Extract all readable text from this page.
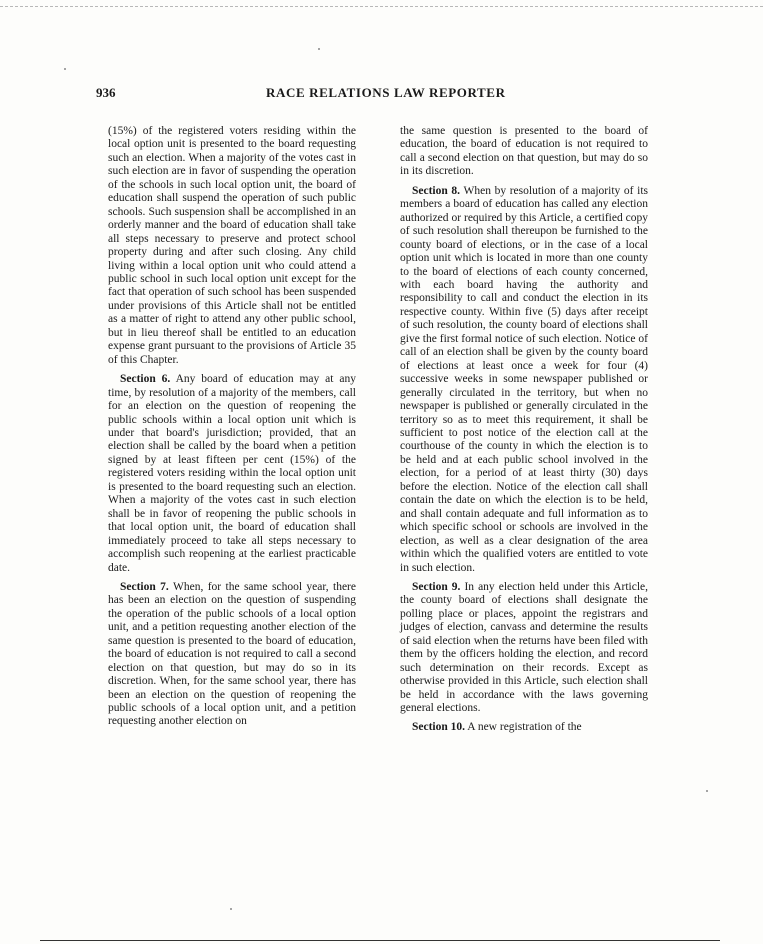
936	RACE RELATIONS LAW REPORTER

(15%) of the registered voters residing within the local option unit is presented to the board requesting such an election. When a majority of the votes cast in such election are in favor of suspending the operation of the schools in such local option unit, the board of education shall suspend the operation of such public schools. Such suspension shall be accomplished in an orderly manner and the board of education shall take all steps necessary to preserve and protect school property during and after such closing. Any child living within a local option unit who could attend a public school in such local option unit except for the fact that operation of such school has been suspended under provisions of this Article shall not be entitled as a matter of right to attend any other public school, but in lieu thereof shall be entitled to an education expense grant pursuant to the provisions of Article 35 of this Chapter.

Section 6. Any board of education may at any time, by resolution of a majority of the members, call for an election on the question of reopening the public schools within a local option unit which is under that board's jurisdiction; provided, that an election shall be called by the board when a petition signed by at least fifteen per cent (15%) of the registered voters residing within the local option unit is presented to the board requesting such an election. When a majority of the votes cast in such election shall be in favor of reopening the public schools in that local option unit, the board of education shall immediately proceed to take all steps necessary to accomplish such reopening at the earliest practicable date.

Section 7. When, for the same school year, there has been an election on the question of suspending the operation of the public schools of a local option unit, and a petition requesting another election of the same question is presented to the board of education, the board of education is not required to call a second election on that question, but may do so in its discretion. When, for the same school year, there has been an election on the question of reopening the public schools of a local option unit, and a petition requesting another election on

the same question is presented to the board of education, the board of education is not required to call a second election on that question, but may do so in its discretion.

Section 8. When by resolution of a majority of its members a board of education has called any election authorized or required by this Article, a certified copy of such resolution shall thereupon be furnished to the county board of elections, or in the case of a local option unit which is located in more than one county to the board of elections of each county concerned, with each board having the authority and responsibility to call and conduct the election in its respective county. Within five (5) days after receipt of such resolution, the county board of elections shall give the first formal notice of such election. Notice of call of an election shall be given by the county board of elections at least once a week for four (4) successive weeks in some newspaper published or generally circulated in the territory, but when no newspaper is published or generally circulated in the territory so as to meet this requirement, it shall be sufficient to post notice of the election call at the courthouse of the county in which the election is to be held and at each public school involved in the election, for a period of at least thirty (30) days before the election. Notice of the election call shall contain the date on which the election is to be held, and shall contain adequate and full information as to which specific school or schools are involved in the election, as well as a clear designation of the area within which the qualified voters are entitled to vote in such election.

Section 9. In any election held under this Article, the county board of elections shall designate the polling place or places, appoint the registrars and judges of election, canvass and determine the results of said election when the returns have been filed with them by the officers holding the election, and record such determination on their records. Except as otherwise provided in this Article, such election shall be held in accordance with the laws governing general elections.

Section 10. A new registration of the
